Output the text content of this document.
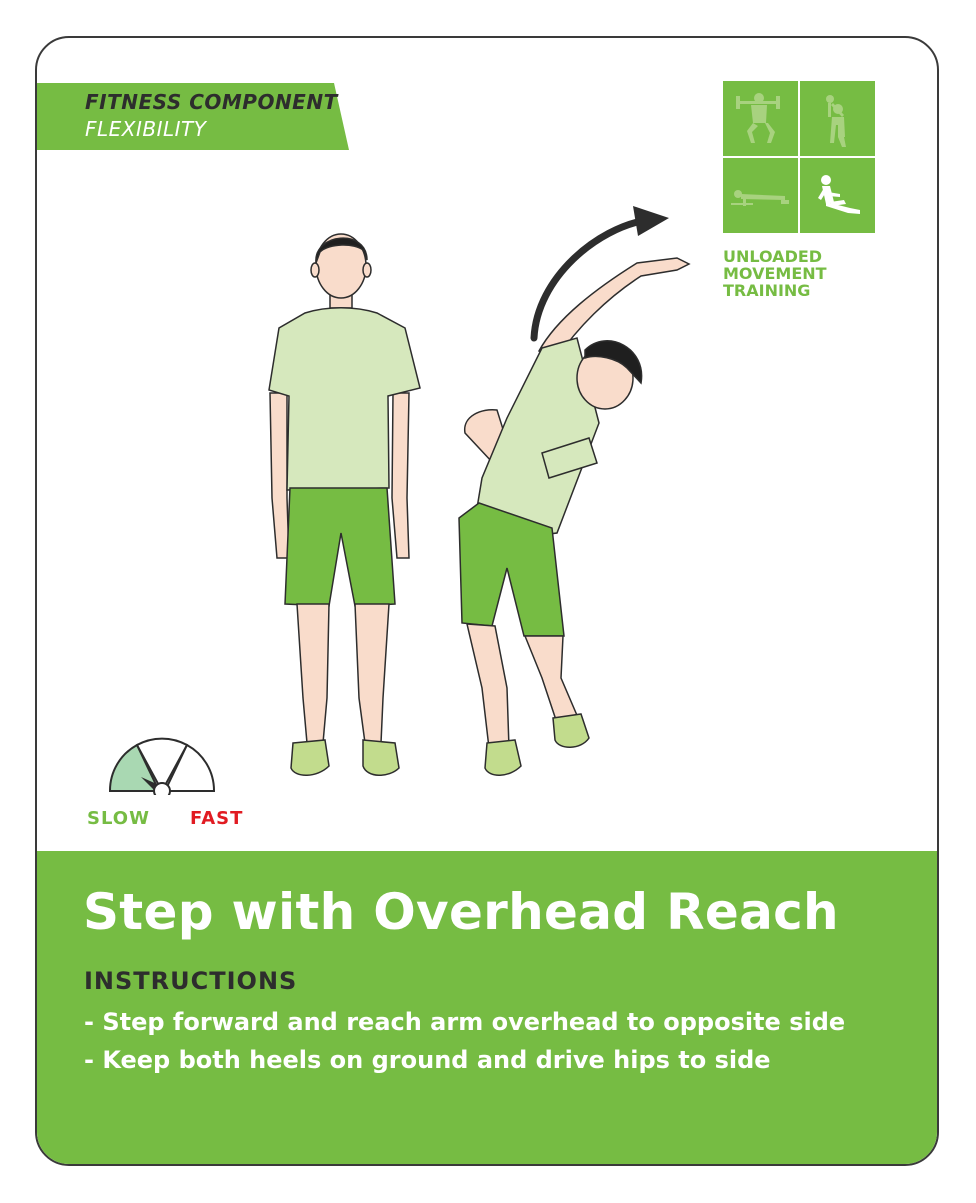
FITNESS COMPONENT
FLEXIBILITY
UNLOADED
MOVEMENT
TRAINING
SLOW FAST
Step with Overhead Reach
INSTRUCTIONS
- Step forward and reach arm overhead to opposite side
- Keep both heels on ground and drive hips to side
